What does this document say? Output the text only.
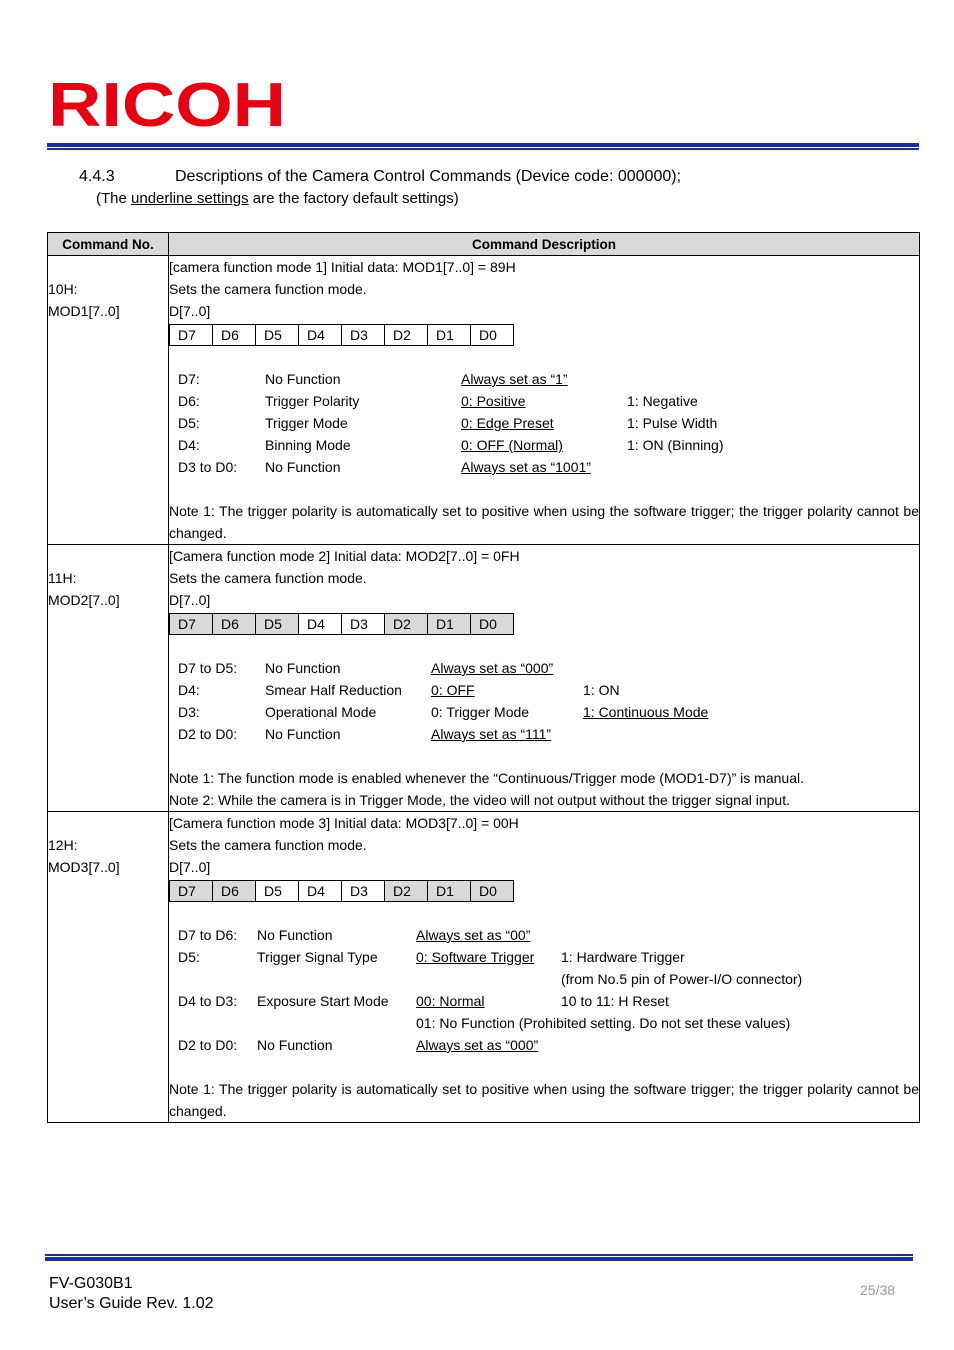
RICOH
4.4.3	Descriptions of the Camera Control Commands (Device code: 000000);
(The underline settings are the factory default settings)
Command No.	Command Description

10H:
MOD1[7..0]

[camera function mode 1] Initial data: MOD1[7..0] = 89H
Sets the camera function mode.
D[7..0]
D7	D6	D5	D4	D3	D2	D1	D0
D7:	No Function	Always set as “1”
D6:	Trigger Polarity	0: Positive	1: Negative
D5:	Trigger Mode	0: Edge Preset	1: Pulse Width
D4:	Binning Mode	0: OFF (Normal)	1: ON (Binning)
D3 to D0:	No Function	Always set as “1001”
Note 1: The trigger polarity is automatically set to positive when using the software trigger; the trigger polarity cannot be changed.

11H:
MOD2[7..0]

[Camera function mode 2] Initial data: MOD2[7..0] = 0FH
Sets the camera function mode.
D[7..0]
D7	D6	D5	D4	D3	D2	D1	D0
D7 to D5:	No Function	Always set as “000”
D4:	Smear Half Reduction	0: OFF	1: ON
D3:	Operational Mode	0: Trigger Mode	1: Continuous Mode
D2 to D0:	No Function	Always set as “111”
Note 1: The function mode is enabled whenever the “Continuous/Trigger mode (MOD1-D7)” is manual.
Note 2: While the camera is in Trigger Mode, the video will not output without the trigger signal input.

12H:
MOD3[7..0]

[Camera function mode 3] Initial data: MOD3[7..0] = 00H
Sets the camera function mode.
D[7..0]
D7	D6	D5	D4	D3	D2	D1	D0
D7 to D6:	No Function	Always set as “00”
D5:	Trigger Signal Type	0: Software Trigger	1: Hardware Trigger
(from No.5 pin of Power-I/O connector)
D4 to D3:	Exposure Start Mode	00: Normal	10 to 11: H Reset
01: No Function (Prohibited setting. Do not set these values)
D2 to D0:	No Function	Always set as “000”
Note 1: The trigger polarity is automatically set to positive when using the software trigger; the trigger polarity cannot be changed.
FV-G030B1
User’s Guide Rev. 1.02
25/38
